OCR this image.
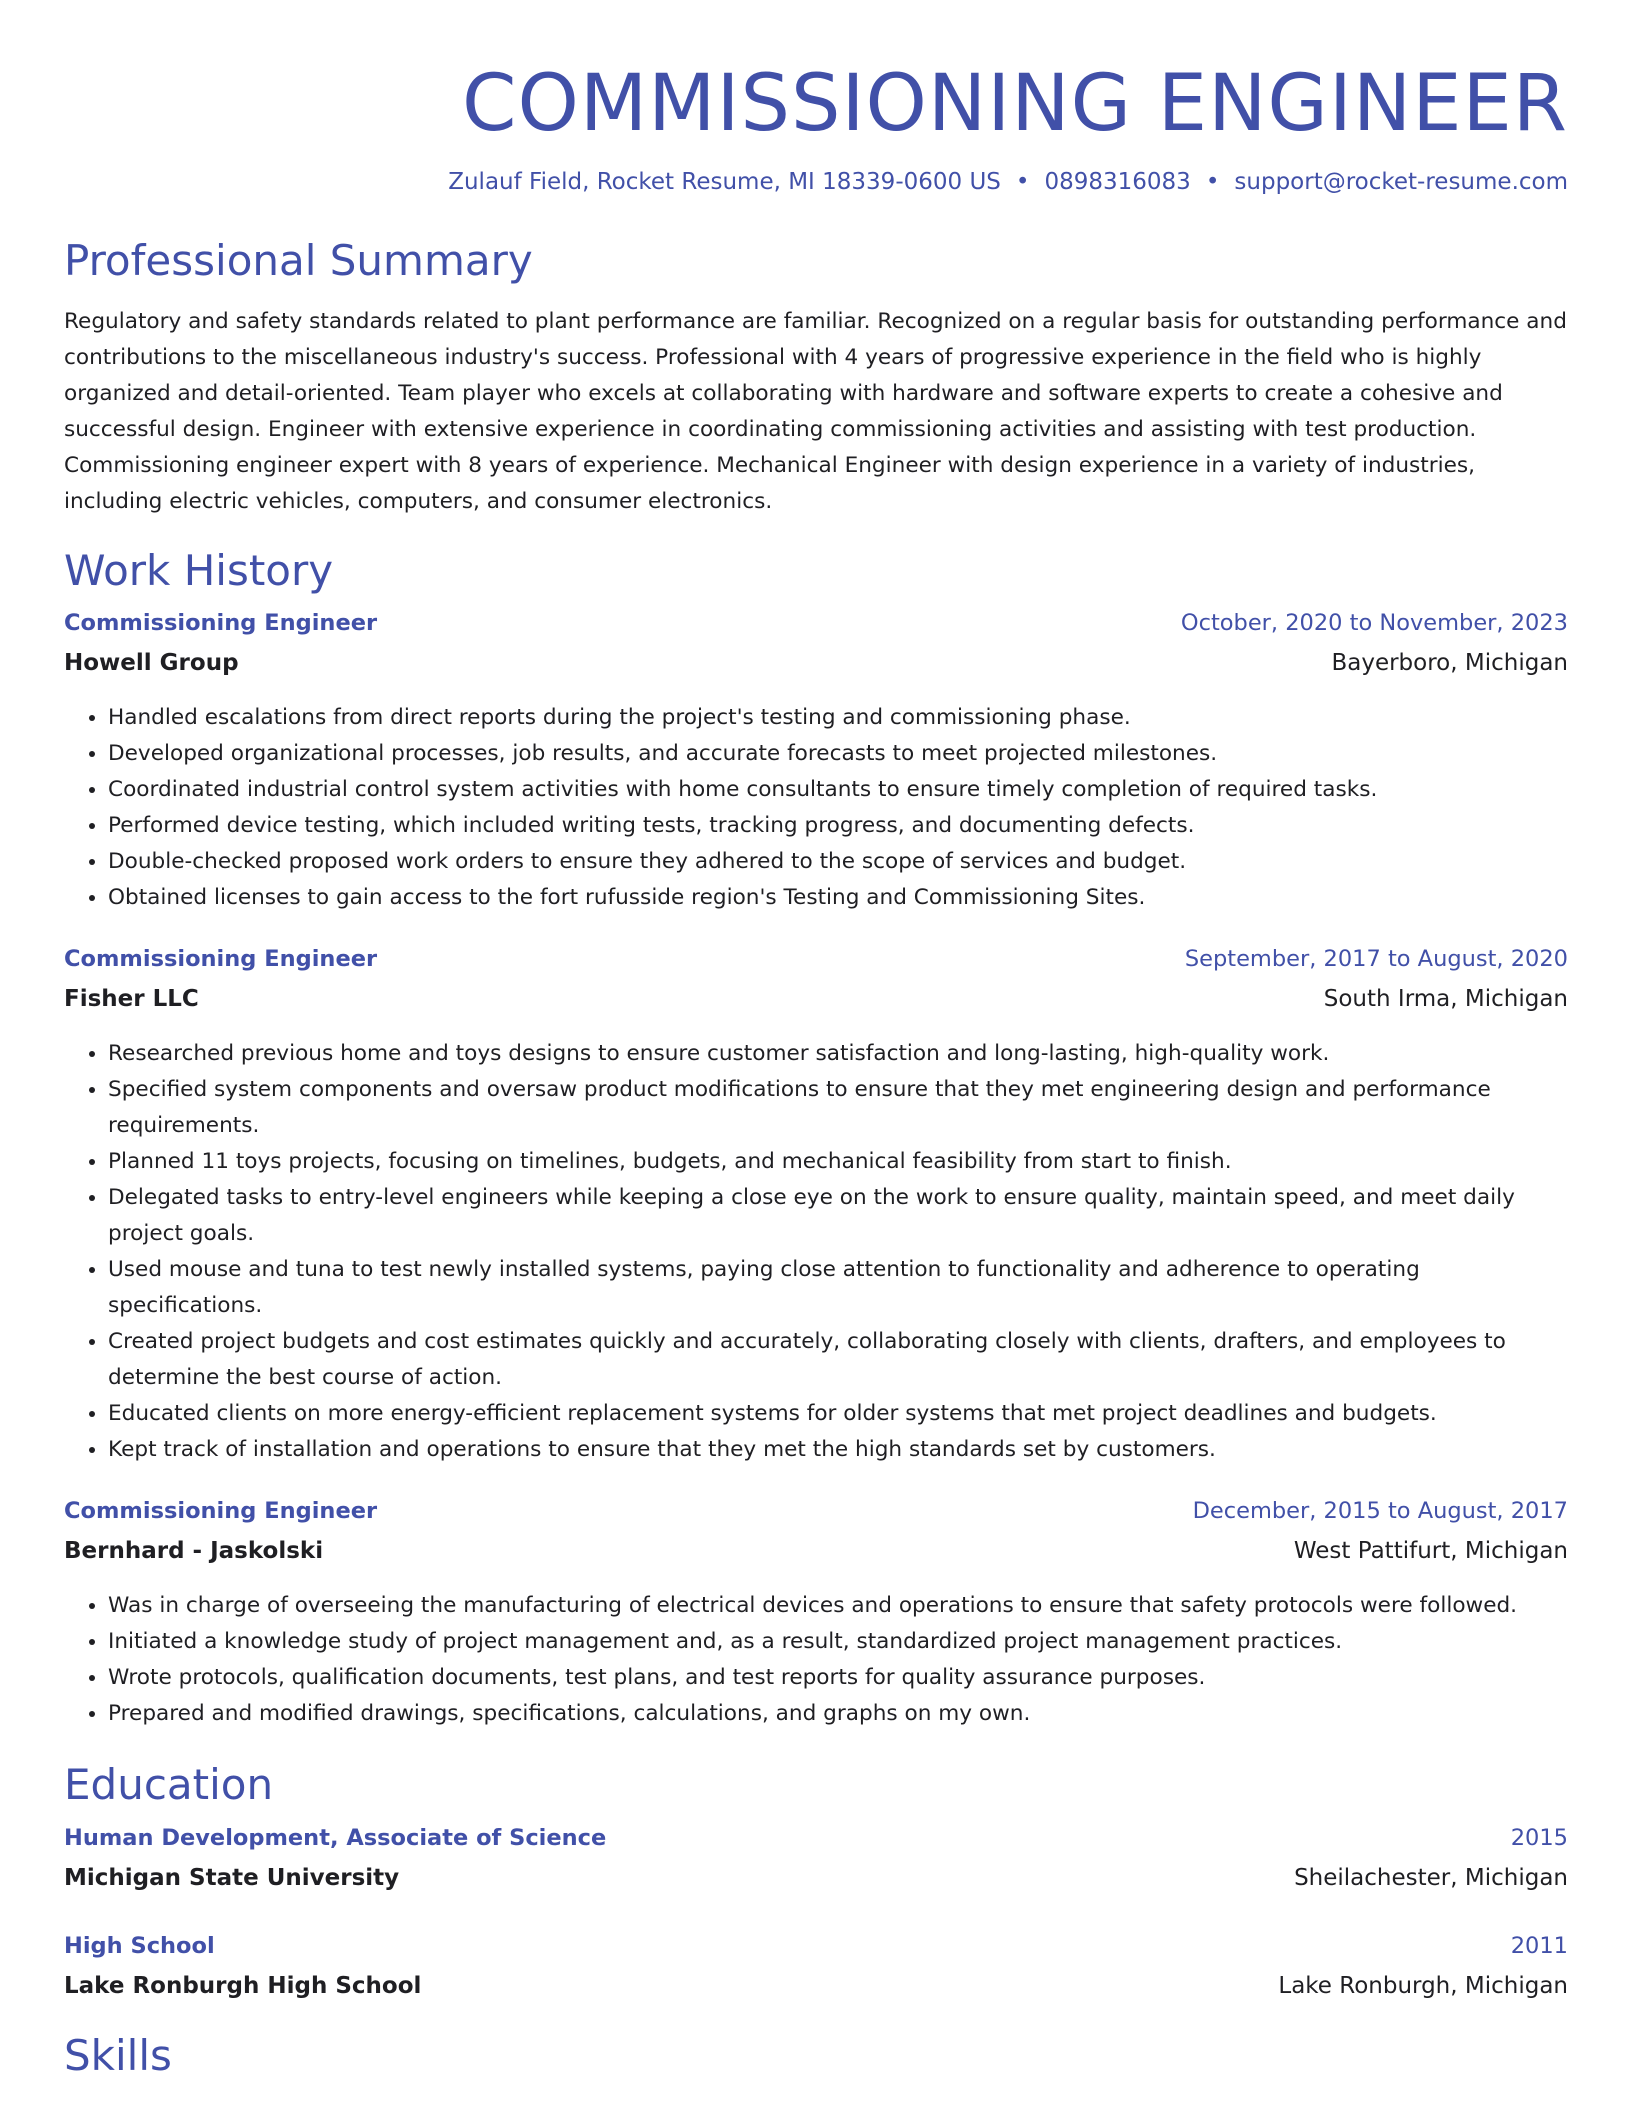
COMMISSIONING ENGINEER
Zulauf Field, Rocket Resume, MI 18339-0600 US • 0898316083 • support@rocket-resume.com
Professional Summary
Regulatory and safety standards related to plant performance are familiar. Recognized on a regular basis for outstanding performance and contributions to the miscellaneous industry's success. Professional with 4 years of progressive experience in the field who is highly organized and detail-oriented. Team player who excels at collaborating with hardware and software experts to create a cohesive and successful design. Engineer with extensive experience in coordinating commissioning activities and assisting with test production. Commissioning engineer expert with 8 years of experience. Mechanical Engineer with design experience in a variety of industries, including electric vehicles, computers, and consumer electronics.
Work History
Commissioning Engineer	October, 2020 to November, 2023
Howell Group	Bayerboro, Michigan
• Handled escalations from direct reports during the project's testing and commissioning phase.
• Developed organizational processes, job results, and accurate forecasts to meet projected milestones.
• Coordinated industrial control system activities with home consultants to ensure timely completion of required tasks.
• Performed device testing, which included writing tests, tracking progress, and documenting defects.
• Double-checked proposed work orders to ensure they adhered to the scope of services and budget.
• Obtained licenses to gain access to the fort rufusside region's Testing and Commissioning Sites.
Commissioning Engineer	September, 2017 to August, 2020
Fisher LLC	South Irma, Michigan
• Researched previous home and toys designs to ensure customer satisfaction and long-lasting, high-quality work.
• Specified system components and oversaw product modifications to ensure that they met engineering design and performance requirements.
• Planned 11 toys projects, focusing on timelines, budgets, and mechanical feasibility from start to finish.
• Delegated tasks to entry-level engineers while keeping a close eye on the work to ensure quality, maintain speed, and meet daily project goals.
• Used mouse and tuna to test newly installed systems, paying close attention to functionality and adherence to operating specifications.
• Created project budgets and cost estimates quickly and accurately, collaborating closely with clients, drafters, and employees to determine the best course of action.
• Educated clients on more energy-efficient replacement systems for older systems that met project deadlines and budgets.
• Kept track of installation and operations to ensure that they met the high standards set by customers.
Commissioning Engineer	December, 2015 to August, 2017
Bernhard - Jaskolski	West Pattifurt, Michigan
• Was in charge of overseeing the manufacturing of electrical devices and operations to ensure that safety protocols were followed.
• Initiated a knowledge study of project management and, as a result, standardized project management practices.
• Wrote protocols, qualification documents, test plans, and test reports for quality assurance purposes.
• Prepared and modified drawings, specifications, calculations, and graphs on my own.
Education
Human Development, Associate of Science	2015
Michigan State University	Sheilachester, Michigan
High School	2011
Lake Ronburgh High School	Lake Ronburgh, Michigan
Skills
